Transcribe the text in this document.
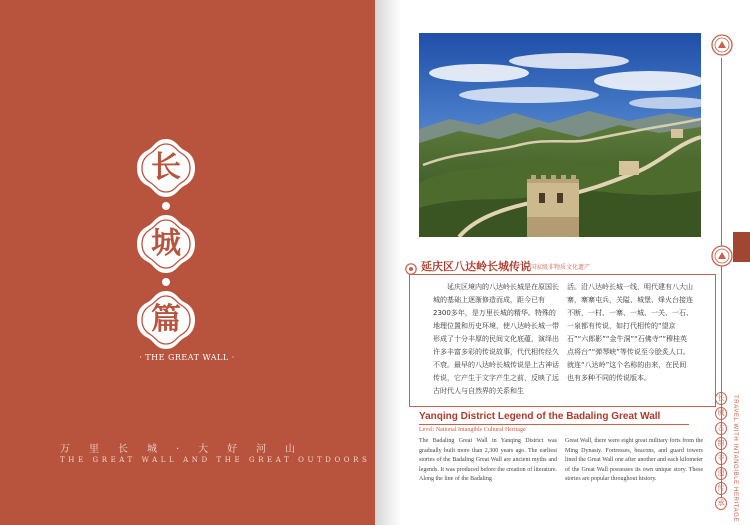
长
城
篇
· THE GREAT WALL ·
万里长城·大好河山
THE GREAT WALL AND THE GREAT OUTDOORS
长
城
古
韵
非
遗
传
承	TRAVEL WITH INTANGIBLE HERITAGE
延庆区八达岭长城传说 国家级非物质文化遗产
延庆区境内的八达岭长城是在原国长城的基础上逐渐修造而成，距今已有2300多年，是万里长城的精华。特殊的地理位置和历史环境，使八达岭长城一带形成了十分丰厚的民间文化底蕴，演绎出许多丰富多彩的传说故事，代代相传经久不衰。最早的八达岭长城传说是上古神话传说，它产生于文字产生之前，反映了远古时代人与自然界的关系和生
活。沿八达岭长城一线，明代建有八大山寨，寨寨屯兵，关隘、城堡、烽火台接连不断，一村、一寨、一城、一关、一石、一泉都有传说，如打代相传的“望京石”“六郎影”“金牛洞”“石佛寺”“穆桂英点将台”“弹琴峡”等传说至今脍炙人口。就连“八达岭”这个名称的由来，在民间也有多种不同的传说版本。
Yanqing District Legend of the Badaling Great Wall
Level: National Intangible Cultural Heritage
The Badaling Great Wall in Yanqing District was gradually built more than 2,300 years ago. The earliest stories of the Badaling Great Wall are ancient myths and legends. It was produced before the creation of literature. Along the line of the Badaling
Great Wall, there were eight great military forts from the Ming Dynasty. Fortresses, beacons, and guard towers lined the Great Wall one after another and each kilometer of the Great Wall possesses its own unique story. These stories are popular throughout history.
